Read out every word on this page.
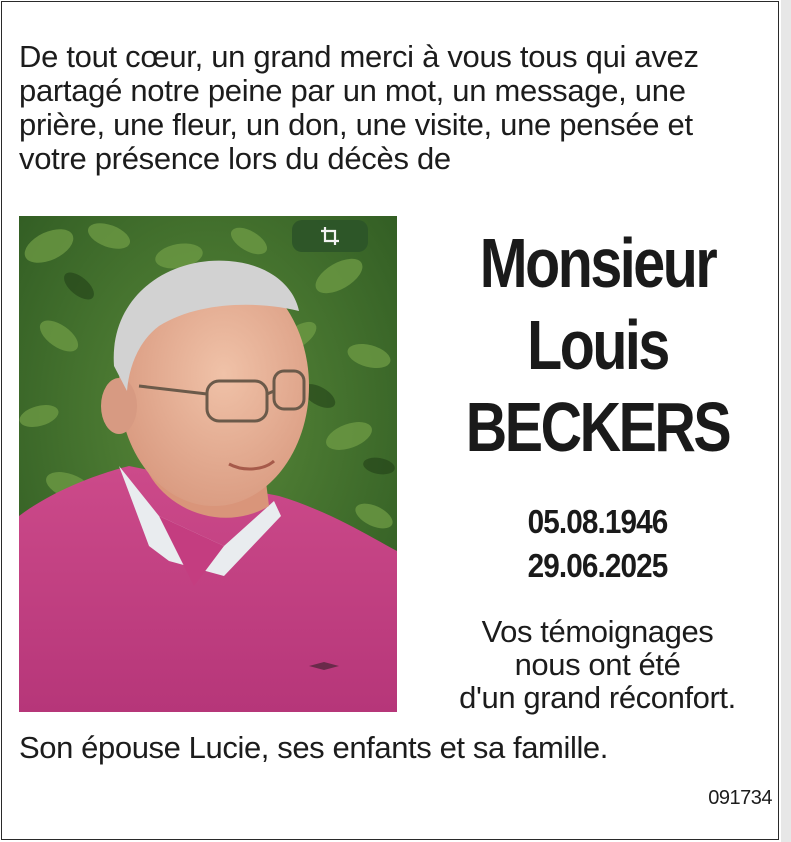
De tout cœur, un grand merci à vous tous qui avez
partagé notre peine par un mot, un message, une
prière, une fleur, un don, une visite, une pensée et
votre présence lors du décès de
Monsieur
Louis
BECKERS
05.08.1946
29.06.2025
Vos témoignages
nous ont été
d'un grand réconfort.
Son épouse Lucie, ses enfants et sa famille.
091734
